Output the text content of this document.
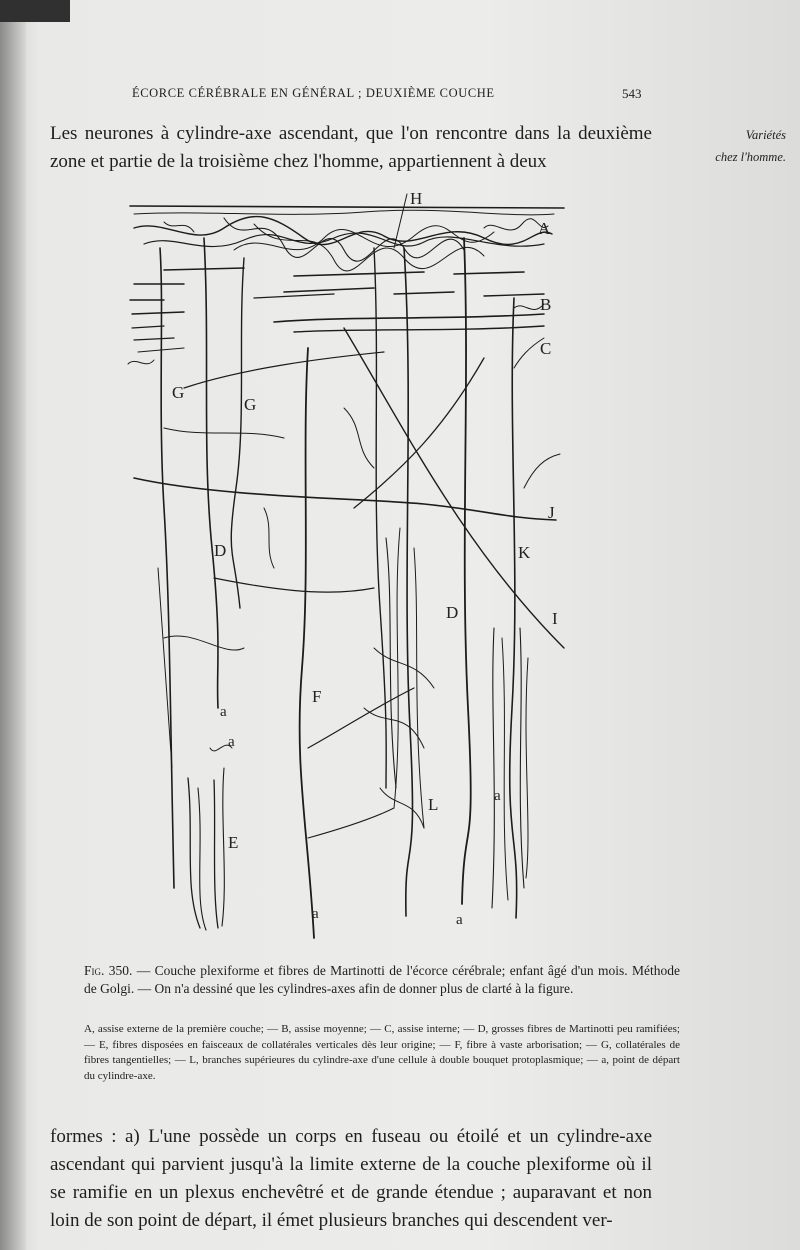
ÉCORCE CÉRÉBRALE EN GÉNÉRAL ; DEUXIÈME COUCHE	543
Les neurones à cylindre-axe ascendant, que l'on rencontre dans la deuxième zone et partie de la troisième chez l'homme, appartiennent à deux
Variétés
chez l'homme.
H
A
B
C
G
G
J
K
I
D
D
F
L
E
a
a
a	a
a
Fig. 350. — Couche plexiforme et fibres de Martinotti de l'écorce cérébrale; enfant âgé d'un mois. Méthode de Golgi. — On n'a dessiné que les cylindres-axes afin de donner plus de clarté à la figure.
A, assise externe de la première couche; — B, assise moyenne; — C, assise interne; — D, grosses fibres de Martinotti peu ramifiées; — E, fibres disposées en faisceaux de collatérales verticales dès leur origine; — F, fibre à vaste arborisation; — G, collatérales de fibres tangentielles; — L, branches supérieures du cylindre-axe d'une cellule à double bouquet protoplasmique; — a, point de départ du cylindre-axe.
formes : a) L'une possède un corps en fuseau ou étoilé et un cylindre-axe ascendant qui parvient jusqu'à la limite externe de la couche plexiforme où il se ramifie en un plexus enchevêtré et de grande étendue ; auparavant et non loin de son point de départ, il émet plusieurs branches qui descendent ver-
